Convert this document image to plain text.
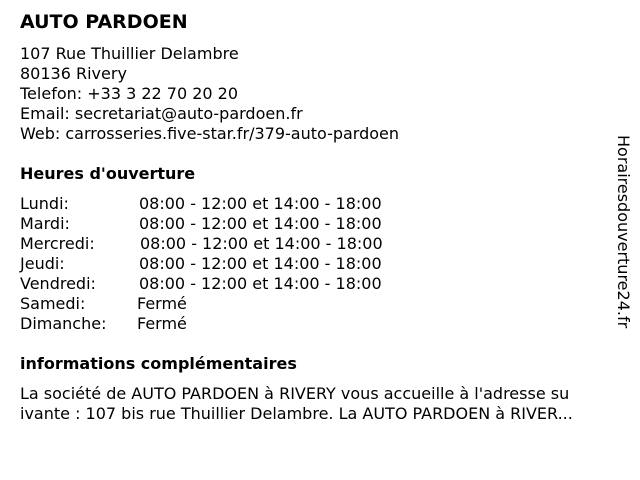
AUTO PARDOEN
107 Rue Thuillier Delambre
80136 Rivery
Telefon: +33 3 22 70 20 20
Email: secretariat@auto-pardoen.fr
Web: carrosseries.five-star.fr/379-auto-pardoen
Heures d'ouverture
Lundi:	08:00 - 12:00 et 14:00 - 18:00
Mardi:	08:00 - 12:00 et 14:00 - 18:00
Mercredi:	08:00 - 12:00 et 14:00 - 18:00
Jeudi:	08:00 - 12:00 et 14:00 - 18:00
Vendredi:	08:00 - 12:00 et 14:00 - 18:00
Samedi:	Fermé
Dimanche:	Fermé
informations complémentaires
La société de AUTO PARDOEN à RIVERY vous accueille à l'adresse su
ivante : 107 bis rue Thuillier Delambre. La AUTO PARDOEN à RIVER...
Horairesdouverture24.fr
